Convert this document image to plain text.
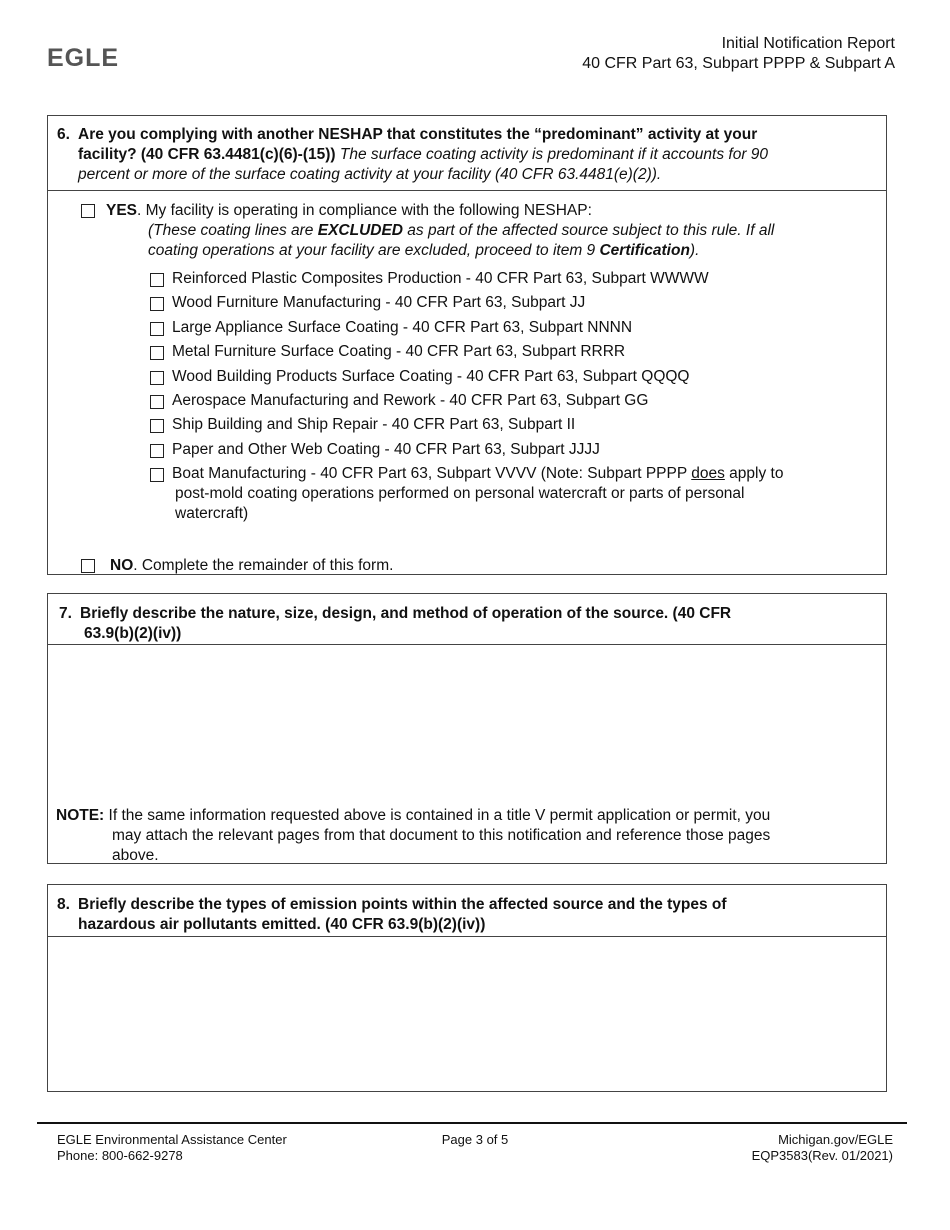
EGLE
Initial Notification Report
40 CFR Part 63, Subpart PPPP & Subpart A
6. Are you complying with another NESHAP that constitutes the “predominant” activity at your
facility? (40 CFR 63.4481(c)(6)-(15)) The surface coating activity is predominant if it accounts for 90
percent or more of the surface coating activity at your facility (40 CFR 63.4481(e)(2)).
YES. My facility is operating in compliance with the following NESHAP:
(These coating lines are EXCLUDED as part of the affected source subject to this rule. If all
coating operations at your facility are excluded, proceed to item 9 Certification).
Reinforced Plastic Composites Production - 40 CFR Part 63, Subpart WWWW
Wood Furniture Manufacturing - 40 CFR Part 63, Subpart JJ
Large Appliance Surface Coating - 40 CFR Part 63, Subpart NNNN
Metal Furniture Surface Coating - 40 CFR Part 63, Subpart RRRR
Wood Building Products Surface Coating - 40 CFR Part 63, Subpart QQQQ
Aerospace Manufacturing and Rework - 40 CFR Part 63, Subpart GG
Ship Building and Ship Repair - 40 CFR Part 63, Subpart II
Paper and Other Web Coating - 40 CFR Part 63, Subpart JJJJ
Boat Manufacturing - 40 CFR Part 63, Subpart VVVV (Note: Subpart PPPP does apply to
post-mold coating operations performed on personal watercraft or parts of personal
watercraft)
NO. Complete the remainder of this form.
7. Briefly describe the nature, size, design, and method of operation of the source. (40 CFR
63.9(b)(2)(iv))
NOTE: If the same information requested above is contained in a title V permit application or permit, you
may attach the relevant pages from that document to this notification and reference those pages
above.
8. Briefly describe the types of emission points within the affected source and the types of
hazardous air pollutants emitted. (40 CFR 63.9(b)(2)(iv))
EGLE Environmental Assistance Center
Phone: 800-662-9278
Page 3 of 5	Michigan.gov/EGLE
EQP3583(Rev. 01/2021)
